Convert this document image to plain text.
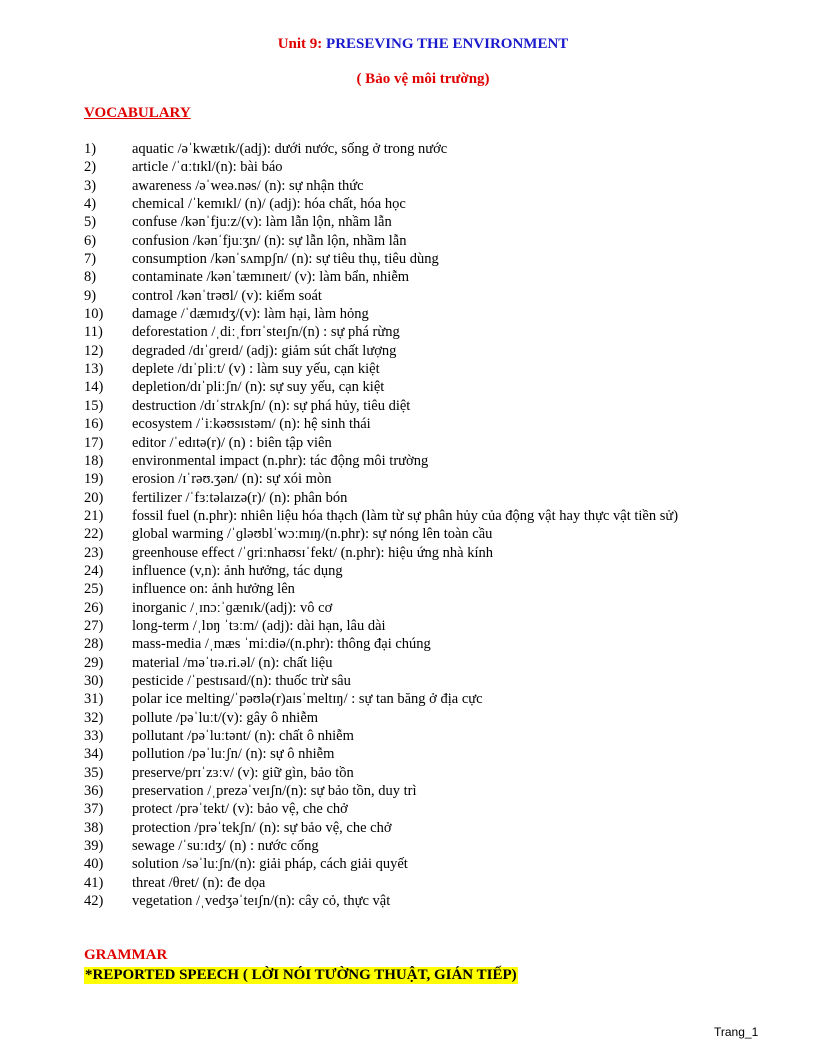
Unit 9: PRESEVING THE ENVIRONMENT
( Bảo vệ môi trường)
VOCABULARY
1)	aquatic /əˈkwætɪk/(adj): dưới nước, sống ở trong nước
2)	article /ˈɑːtɪkl/(n): bài báo
3)	awareness /əˈweə.nəs/ (n): sự nhận thức
4)	chemical /ˈkemɪkl/ (n)/ (adj): hóa chất, hóa học
5)	confuse /kənˈfjuːz/(v): làm lẫn lộn, nhầm lẫn
6)	confusion /kənˈfjuːʒn/ (n): sự lẫn lộn, nhầm lẫn
7)	consumption /kənˈsʌmpʃn/ (n): sự tiêu thụ, tiêu dùng
8)	contaminate /kənˈtæmɪneɪt/ (v): làm bẩn, nhiễm
9)	control /kənˈtrəʊl/ (v): kiểm soát
10)	damage /ˈdæmɪdʒ/(v): làm hại, làm hỏng
11)	deforestation /ˌdiːˌfɒrɪˈsteɪʃn/(n) : sự phá rừng
12)	degraded /dɪˈɡreɪd/ (adj): giảm sút chất lượng
13)	deplete /dɪˈpliːt/ (v) : làm suy yếu, cạn kiệt
14)	depletion/dɪˈpliːʃn/ (n): sự suy yếu, cạn kiệt
15)	destruction /dɪˈstrʌkʃn/ (n): sự phá hủy, tiêu diệt
16)	ecosystem /ˈiːkəʊsɪstəm/ (n): hệ sinh thái
17)	editor /ˈedɪtə(r)/ (n) : biên tập viên
18)	environmental impact (n.phr): tác động môi trường
19)	erosion /ɪˈrəʊ.ʒən/ (n): sự xói mòn
20)	fertilizer /ˈfɜːtəlaɪzə(r)/ (n): phân bón
21)	fossil fuel (n.phr): nhiên liệu hóa thạch (làm từ sự phân hủy của động vật hay thực vật tiền sử)
22)	global warming /ˈɡləʊblˈwɔːmɪŋ/(n.phr): sự nóng lên toàn cầu
23)	greenhouse effect /ˈɡriːnhaʊsɪˈfekt/ (n.phr): hiệu ứng nhà kính
24)	influence (v,n): ảnh hưởng, tác dụng
25)	influence on: ảnh hưởng lên
26)	inorganic /ˌɪnɔːˈɡænɪk/(adj): vô cơ
27)	long-term /ˌlɒŋ ˈtɜːm/ (adj): dài hạn, lâu dài
28)	mass-media /ˌmæs ˈmiːdiə/(n.phr): thông đại chúng
29)	material /məˈtɪə.ri.əl/ (n): chất liệu
30)	pesticide /ˈpestɪsaɪd/(n): thuốc trừ sâu
31)	polar ice melting/ˈpəʊlə(r)aɪsˈmeltɪŋ/ : sự tan băng ở địa cực
32)	pollute /pəˈluːt/(v): gây ô nhiễm
33)	pollutant /pəˈluːtənt/ (n): chất ô nhiễm
34)	pollution /pəˈluːʃn/ (n): sự ô nhiễm
35)	preserve/prɪˈzɜːv/ (v): giữ gìn, bảo tồn
36)	preservation /ˌprezəˈveɪʃn/(n): sự bảo tồn, duy trì
37)	protect /prəˈtekt/ (v): bảo vệ, che chở
38)	protection /prəˈtekʃn/ (n): sự bảo vệ, che chở
39)	sewage /ˈsuːɪdʒ/ (n) : nước cống
40)	solution /səˈluːʃn/(n): giải pháp, cách giải quyết
41)	threat /θret/ (n): đe dọa
42)	vegetation /ˌvedʒəˈteɪʃn/(n): cây cỏ, thực vật
GRAMMAR
*REPORTED SPEECH ( LỜI NÓI TƯỜNG THUẬT, GIÁN TIẾP)
Trang_1
